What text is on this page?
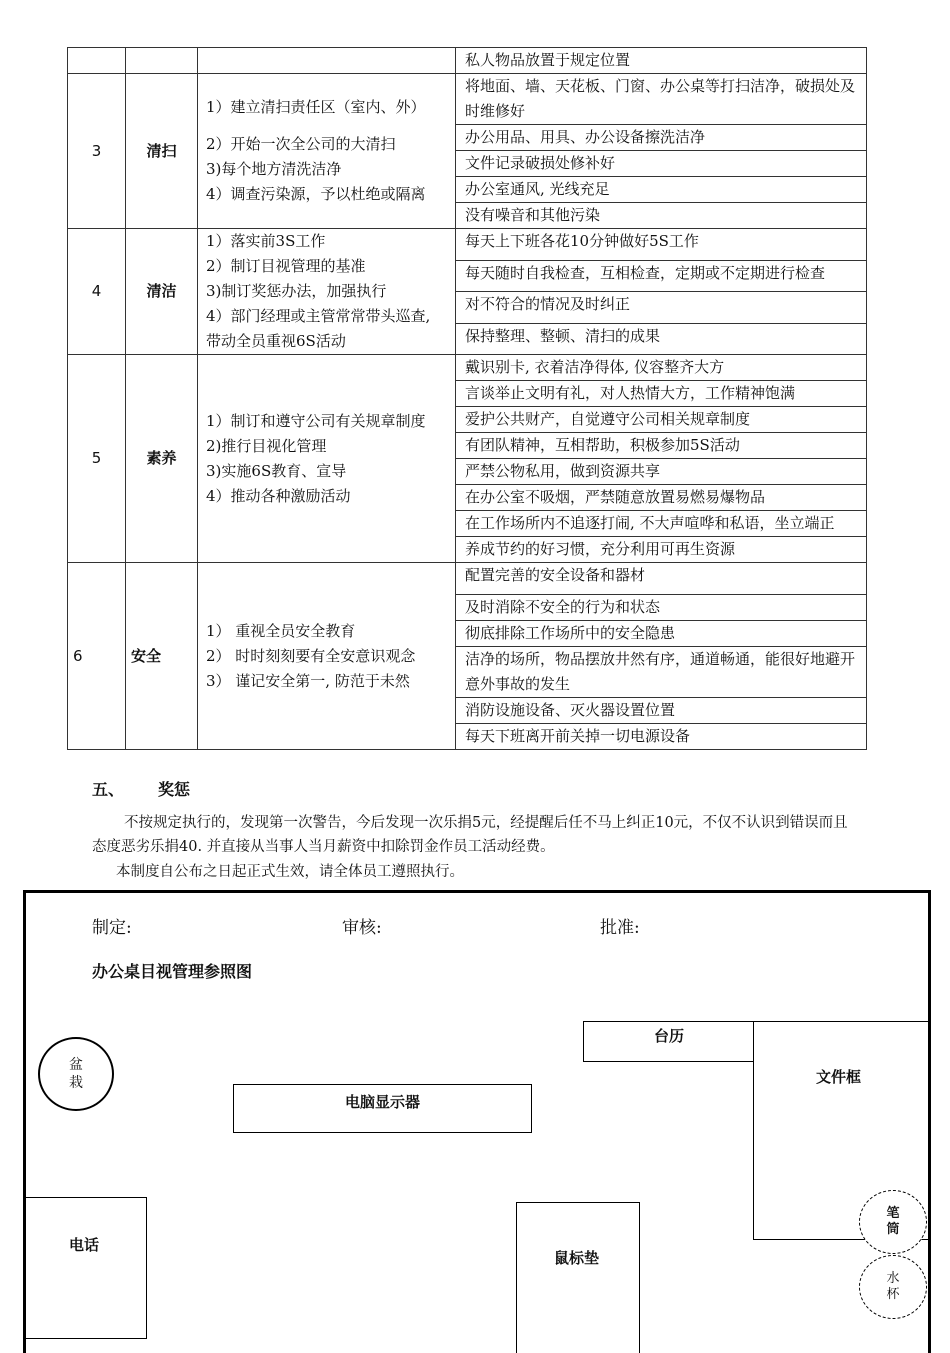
			私人物品放置于规定位置
3	清扫	1）建立清扫责任区（室内、外）
2）开始一次全公司的大清扫
3)每个地方清洗洁净
4）调查污染源，予以杜绝或隔离	将地面、墙、天花板、门窗、办公桌等打扫洁净，破损处及时维修好
			办公用品、用具、办公设备擦洗洁净
			文件记录破损处修补好
			办公室通风, 光线充足
			没有噪音和其他污染
4	清洁	1）落实前3S工作
2）制订目视管理的基准
3)制订奖惩办法，加强执行
4）部门经理或主管常常带头巡查, 带动全员重视6S活动	每天上下班各花10分钟做好5S工作
			每天随时自我检查，互相检查，定期或不定期进行检查
			对不符合的情况及时纠正
			保持整理、整顿、清扫的成果
5	素养	1）制订和遵守公司有关规章制度
2)推行目视化管理
3)实施6S教育、宣导
4）推动各种激励活动	戴识别卡, 衣着洁净得体, 仪容整齐大方
			言谈举止文明有礼，对人热情大方，工作精神饱满
			爱护公共财产，自觉遵守公司相关规章制度
			有团队精神，互相帮助，积极参加5S活动
			严禁公物私用，做到资源共享
			在办公室不吸烟，严禁随意放置易燃易爆物品
			在工作场所内不追逐打闹, 不大声喧哗和私语，坐立端正
			养成节约的好习惯，充分利用可再生资源
6	安全	1） 重视全员安全教育
2） 时时刻刻要有全安意识观念
3） 谨记安全第一, 防范于未然	配置完善的安全设备和器材
			及时消除不安全的行为和状态
			彻底排除工作场所中的安全隐患
			洁净的场所，物品摆放井然有序，通道畅通，能很好地避开意外事故的发生
			消防设施设备、灭火器设置位置
			每天下班离开前关掉一切电源设备
五、 奖惩
不按规定执行的，发现第一次警告，今后发现一次乐捐5元，经提醒后任不马上纠正10元，不仅不认识到错误而且态度恶劣乐捐40. 并直接从当事人当月薪资中扣除罚金作员工活动经费。
本制度自公布之日起正式生效，请全体员工遵照执行。
制定:	审核:	批准:
办公桌目视管理参照图
盆栽
台历
文件框
电脑显示器
笔筒
水杯
电话
鼠标垫
